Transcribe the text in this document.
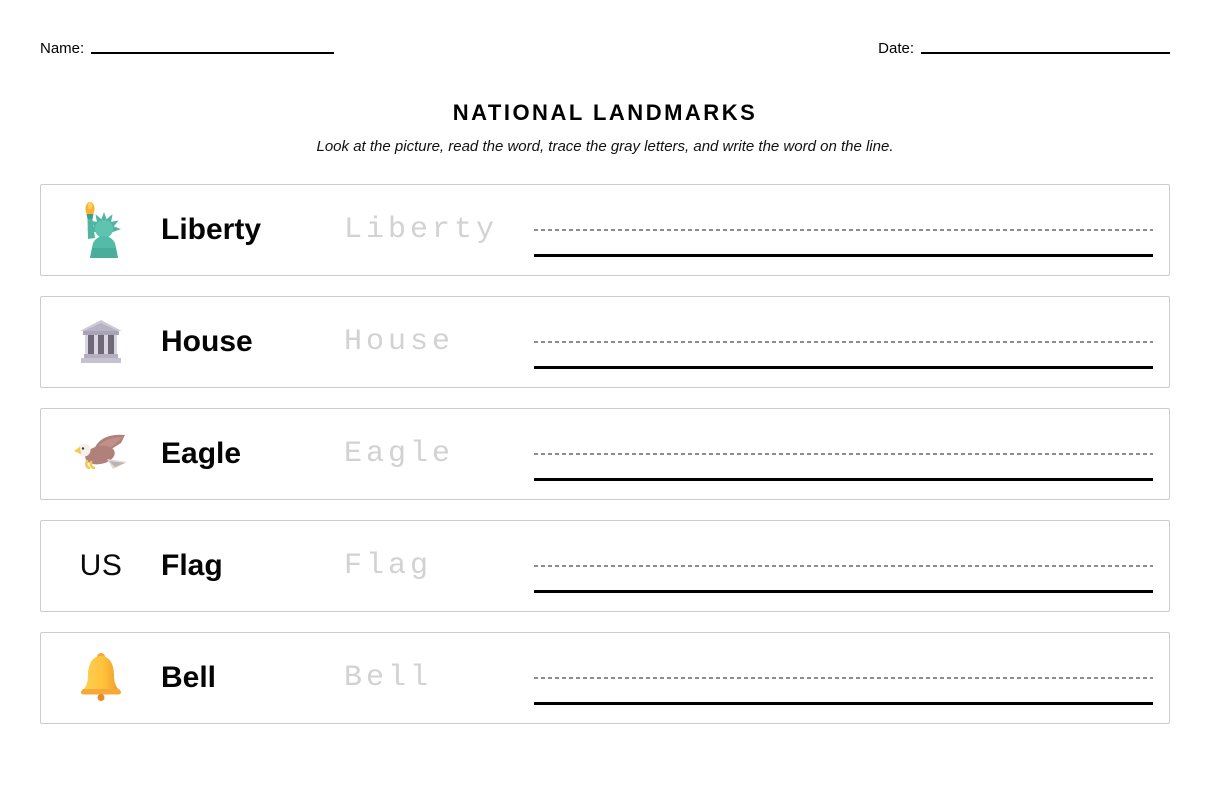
Name:	Date:
NATIONAL LANDMARKS

Look at the picture, read the word, trace the gray letters, and write the word on the line.

Liberty	Liberty
House	House
Eagle	Eagle
US	Flag	Flag
Bell	Bell
